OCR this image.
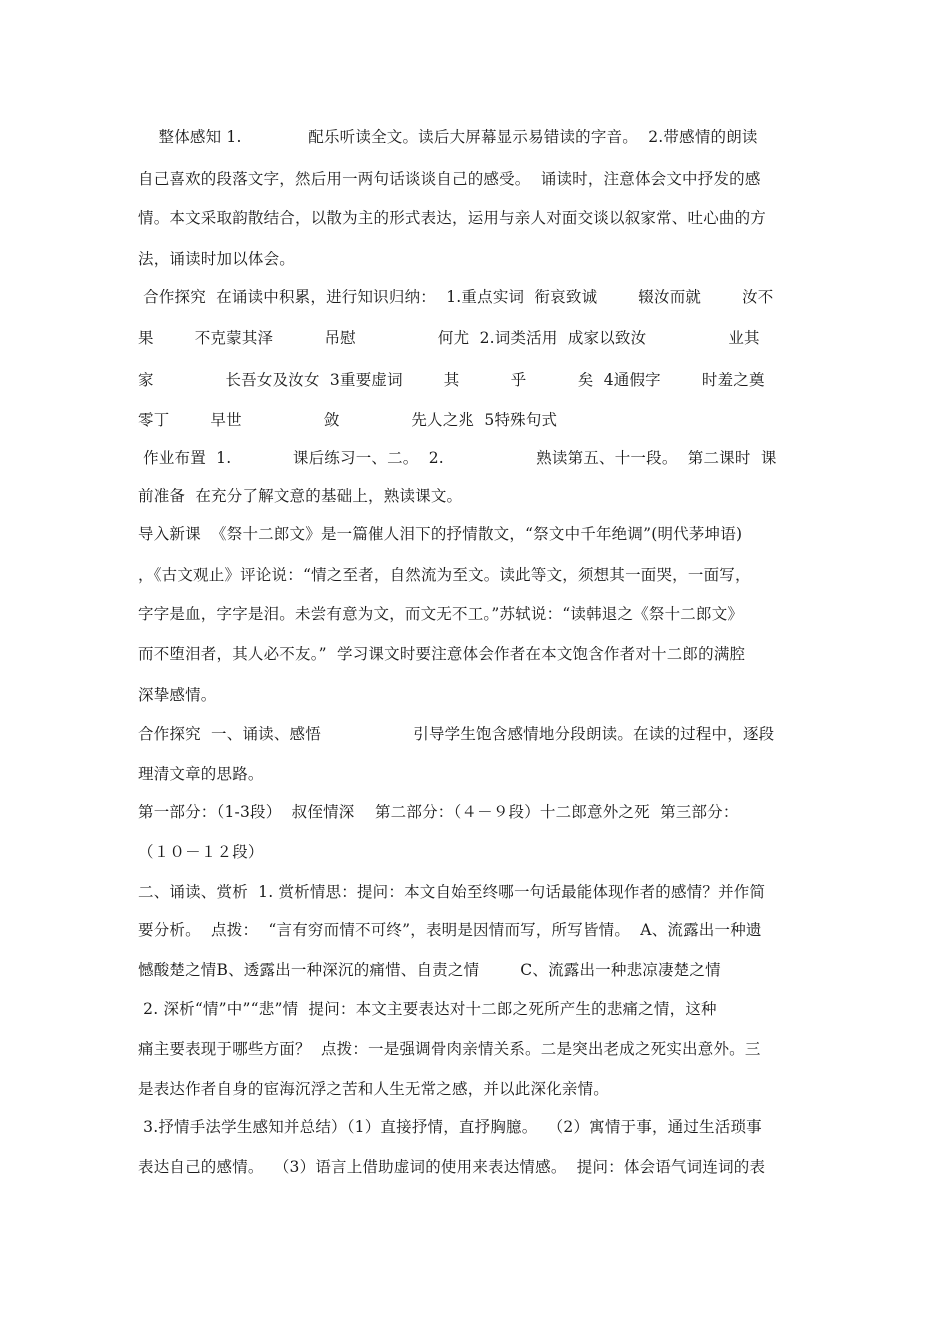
整体感知 1.             配乐听读全文。读后大屏幕显示易错读的字音。  2.带感情的朗读
自己喜欢的段落文字，然后用一两句话谈谈自己的感受。  诵读时，注意体会文中抒发的感
情。本文采取韵散结合，以散为主的形式表达，运用与亲人对面交谈以叙家常、吐心曲的方
法，诵读时加以体会。
合作探究  在诵读中积累，进行知识归纳：  1.重点实词  衔哀致诚        辍汝而就        汝不
果        不克蒙其泽          吊慰                何尤  2.词类活用  成家以致汝                业其
家              长吾女及汝女  3重要虚词        其          乎          矣  4通假字        时羞之奠
零丁        早世                敛              先人之兆  5特殊句式
作业布置  1.            课后练习一、二。  2.                  熟读第五、十一段。  第二课时  课
前准备  在充分了解文意的基础上，熟读课文。
导入新课  《祭十二郎文》是一篇催人泪下的抒情散文，“祭文中千年绝调”(明代茅坤语)
，《古文观止》评论说：“情之至者，自然流为至文。读此等文，须想其一面哭，一面写，
字字是血，字字是泪。未尝有意为文，而文无不工。”苏轼说：“读韩退之《祭十二郎文》
而不堕泪者，其人必不友。”  学习课文时要注意体会作者在本文饱含作者对十二郎的满腔
深挚感情。
合作探究  一、诵读、感悟                  引导学生饱含感情地分段朗读。在读的过程中，逐段
理清文章的思路。
第一部分：（1-3段）  叔侄情深    第二部分：（４－９段）十二郎意外之死  第三部分：
（１０－１２段）
二、诵读、赏析  1. 赏析情思：提问：本文自始至终哪一句话最能体现作者的感情？并作简
要分析。  点拨：  “言有穷而情不可终”，表明是因情而写，所写皆情。  A、流露出一种遗
憾酸楚之情B、透露出一种深沉的痛惜、自责之情        C、流露出一种悲凉凄楚之情
2. 深析“情”中”“悲”情  提问：本文主要表达对十二郎之死所产生的悲痛之情，这种
痛主要表现于哪些方面？  点拨：一是强调骨肉亲情关系。二是突出老成之死实出意外。三
是表达作者自身的宦海沉浮之苦和人生无常之感，并以此深化亲情。
3.抒情手法学生感知并总结）（1）直接抒情，直抒胸臆。  （2）寓情于事，通过生活琐事
表达自己的感情。  （3）语言上借助虚词的使用来表达情感。  提问：体会语气词连词的表
